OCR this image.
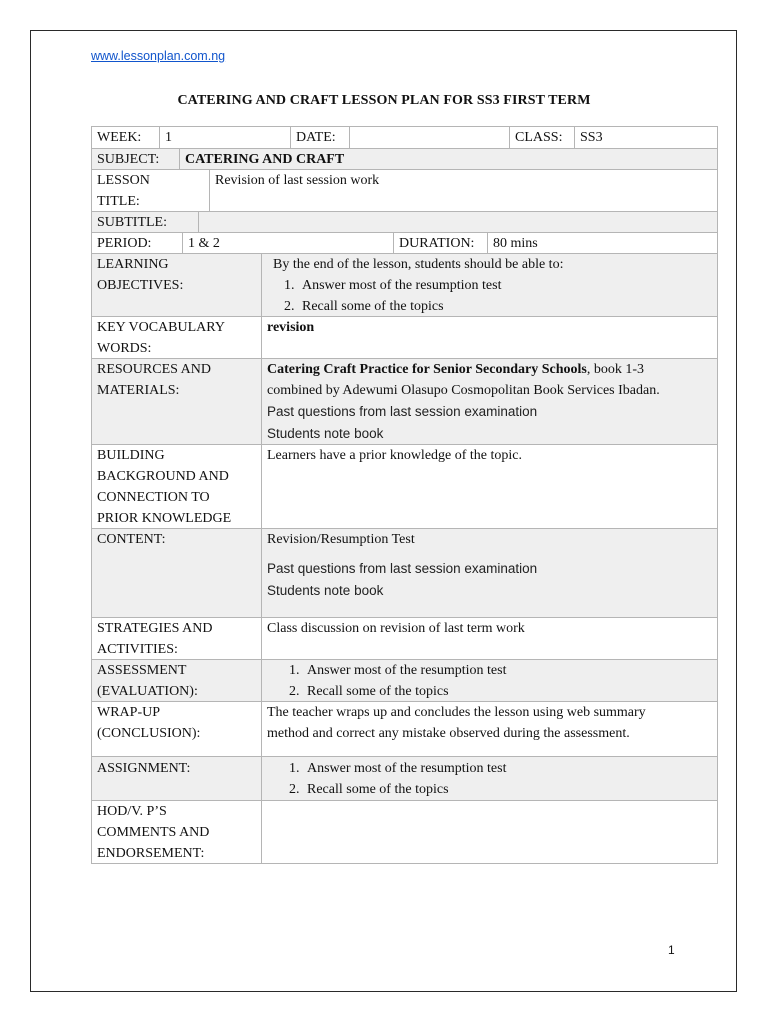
www.lessonplan.com.ng
CATERING AND CRAFT LESSON PLAN FOR SS3 FIRST TERM
WEEK:	1	DATE:	CLASS:	SS3
SUBJECT:	CATERING AND CRAFT
LESSON
TITLE:
Revision of last session work
SUBTITLE:
PERIOD:	1 & 2	DURATION:	80 mins
LEARNING
OBJECTIVES:
By the end of the lesson, students should be able to:
1. Answer most of the resumption test
2. Recall some of the topics
KEY VOCABULARY
WORDS:
revision
RESOURCES AND
MATERIALS:
Catering Craft Practice for Senior Secondary Schools, book 1-3
combined by Adewumi Olasupo Cosmopolitan Book Services Ibadan.
Past questions from last session examination
Students note book
BUILDING
BACKGROUND AND
CONNECTION TO
PRIOR KNOWLEDGE
Learners have a prior knowledge of the topic.
CONTENT:	Revision/Resumption Test
Past questions from last session examination
Students note book
STRATEGIES AND
ACTIVITIES:
Class discussion on revision of last term work
ASSESSMENT
(EVALUATION):
1. Answer most of the resumption test
2. Recall some of the topics
WRAP-UP
(CONCLUSION):
The teacher wraps up and concludes the lesson using web summary
method and correct any mistake observed during the assessment.
ASSIGNMENT:
1.	Answer most of the resumption test
2. Recall some of the topics
HOD/V. P’S
COMMENTS AND
ENDORSEMENT:
1
